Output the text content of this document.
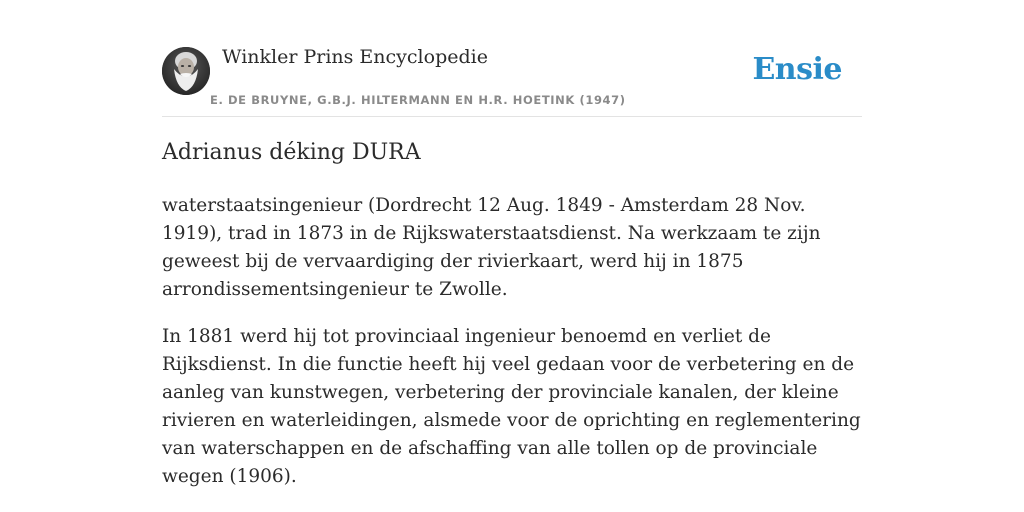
Winkler Prins Encyclopedie
E. DE BRUYNE, G.B.J. HILTERMANN EN H.R. HOETINK (1947)
Ensie
Adrianus déking DURA

waterstaatsingenieur (Dordrecht 12 Aug. 1849 - Amsterdam 28 Nov. 1919), trad in 1873 in de Rijkswaterstaatsdienst. Na werkzaam te zijn geweest bij de vervaardiging der rivierkaart, werd hij in 1875 arrondissementsingenieur te Zwolle.

In 1881 werd hij tot provinciaal ingenieur benoemd en verliet de Rijksdienst. In die functie heeft hij veel gedaan voor de verbetering en de aanleg van kunstwegen, verbetering der provinciale kanalen, der kleine rivieren en waterleidingen, alsmede voor de oprichting en reglementering van waterschappen en de afschaffing van alle tollen op de provinciale wegen (1906).
